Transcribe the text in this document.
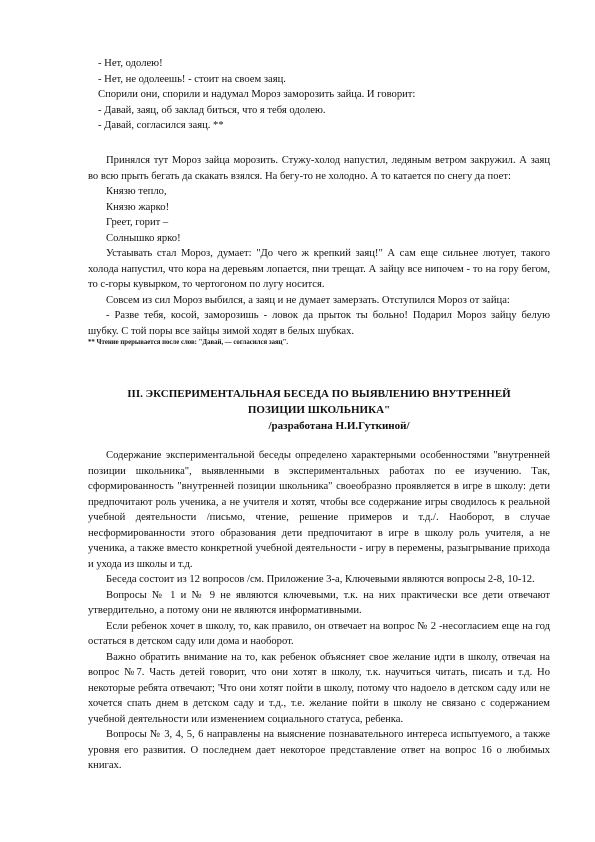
- Нет, одолею!

- Нет, не одолеешь! - стоит на своем заяц.

Спорили они, спорили и надумал Мороз заморозить зайца. И говорит:

- Давай, заяц, об заклад биться, что я тебя одолею.

- Давай, согласился заяц. **

Принялся тут Мороз зайца морозить. Стужу-холод напустил, ледяным ветром закружил. А заяц во всю прыть бегать да скакать взялся. На бегу-то не холодно. А то катается по снегу да поет:

Князю тепло,

Князю жарко!

Греет, горит –

Солнышко ярко!

Устаывать стал Мороз, думает: "До чего ж крепкий заяц!" А сам еще сильнее лютует, такого холода напустил, что кора на деревьям лопается, пни трещат. А зайцу все нипочем - то на гору бегом, то с-горы кувырком, то чертогоном по лугу носится.

Совсем из сил Мороз выбился, а заяц и не думает замерзать. Отступился Мороз от зайца:

- Разве тебя, косой, заморозишь - ловок да прыток ты больно! Подарил Мороз зайцу белую шубку. С той поры все зайцы зимой ходят в белых шубках.

** Чтение прерывается после слов: "Давай, — согласился заяц".

III. ЭКСПЕРИМЕНТАЛЬНАЯ БЕСЕДА ПО ВЫЯВЛЕНИЮ ВНУТРЕННЕЙ

ПОЗИЦИИ ШКОЛЬНИКА"

/разработана Н.И.Гуткиной/

Содержание экспериментальной беседы определено характерными особенностями "внутренней позиции школьника", выявленными в экспериментальных работах по ее изучению. Так, сформированность "внутренней позиции школьника" своеобразно проявляется в игре в школу: дети предпочитают роль ученика, а не учителя и хотят, чтобы все содержание игры сводилось к реальной учебной деятельности /письмо, чтение, решение примеров и т.д./. Наоборот, в случае несформированности этого образования дети предпочитают в игре в школу роль учителя, а не ученика, а также вместо конкретной учебной деятельности - игру в перемены, разыгрывание прихода и ухода из школы и т.д.

Беседа состоит из 12 вопросов /см. Приложение 3-а, Ключевыми являются вопросы 2-8, 10-12.

Вопросы № 1 и № 9 не являются ключевыми, т.к. на них практически все дети отвечают утвердительно, а потому они не являются информативными.

Если ребенок хочет в школу, то, как правило, он отвечает на вопрос № 2 -несогласием еще на год остаться в детском саду или дома и наоборот.

Важно обратить внимание на то, как ребенок объясняет свое желание идти в школу, отвечая на вопрос №7. Часть детей говорит, что они хотят в школу, т.к. научиться читать, писать и т.д. Но некоторые ребята отвечают; 'Что они хотят пойти в школу, потому что надоело в детском саду или не хочется спать днем в детском саду и т.д., т.е. желание пойти в школу не связано с содержанием учебной деятельности или изменением социального статуса, ребенка.

Вопросы № 3, 4, 5, 6 направлены на выяснение познавательного интереса испытуемого, а также уровня его развития. О последнем дает некоторое представление ответ на вопрос 16 о любимых книгах.
